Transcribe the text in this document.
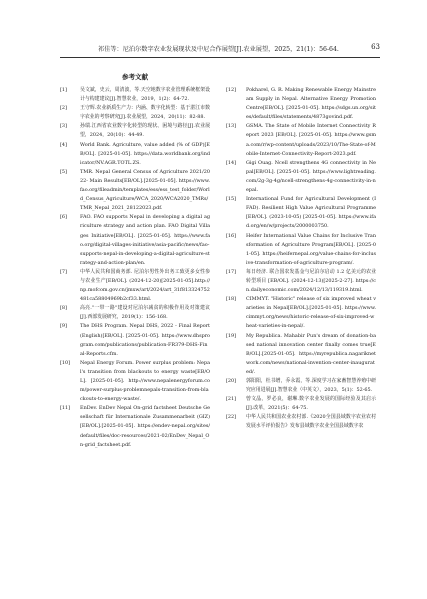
祁佳等：尼泊尔数字农业发展现状及中尼合作展望[J].农业展望，2025，21(1)：56-64.	63
参考文献
[1]	吴文斌，史云，周清波，等.天空地数字农业管理系统框架设计与构建建议[J].智慧农业，2019，1(2)：64-72.
[2]	王守辉.农业新质生产力：内涵、数字化转型：基于湛江市数字农业的考察研究[J].农业展望，2024，20(11)：82-88.
[3]	孙瑞.江西省农业数字化转型的现状、困境与路径[J].农业展望，2024，20(10)：44-49.
[4]	World Bank. Agriculture, value added (% of GDP)[EB/OL]. [2025-01-05]. https://data.worldbank.org/indicator/NV.AGR.TOTL.ZS.
[5]	TMR. Nepal General Census of Agriculture 2021/2022- Main Results[EB/OL].[2025-01-05]. https://www.fao.org/fileadmin/templates/ess/ess_test_folder/World_Census_Agriculture/WCA_2020/WCA2020_TMRs/TMR_Nepal_2021_28122023.pdf.
[6]	FAO. FAO supports Nepal in developing a digital agriculture strategy and action plan. FAO Digital Villages Initiative[EB/OL]. [2025-01-05]. https://www.fao.org/digital-villages-initiative/asia-pacific/news/fao-supports-nepal-in-developing-a-digital-agriculture-strategy-and-action-plan/en.
[7]	中华人民共和国商务部. 尼泊尔男性外出务工致更多女性参与农业生产[EB/OL]. (2024-12-20)[2025-01-05].http://np.mofcom.gov.cn/jmxw/art/2024/art_31f813324752481ca58804969b2cf33.html.
[8]	高亮."一带一路"建设对尼泊尔减贫的积极作用及对策建议[J].西部发展研究，2019(1)：156-168.
[9]	The DHS Program. Nepal DHS, 2022 - Final Report (English)[EB/OL]. [2025-01-05]. https://www.dhsprogram.com/publications/publication-FR379-DHS-Final-Reports.cfm.
[10] Nepal Energy Forum. Power surplus problem: Nepal's transition from blackouts to energy waste[EB/OL]. [2025-01-05]. http://www.nepalenergyforum.com/power-surplus-problemnepals-transition-from-blackouts-to-energy-waste/.
[11] EnDev. EnDev Nepal On-grid factsheet Deutsche Gesellschaft für Internationale Zusammenarbeit (GIZ)[EB/OL].[2025-01-05]. https://endev-nepal.org/sites/default/files/doc-resources/2021-02/EnDev_Nepal_On-grid_factsheet.pdf.
[12] Pokharel, G. R. Making Renewable Energy Mainstream Supply in Nepal. Alternative Energy Promotion Centre[EB/OL]. [2025-01-05]. https://sdgs.un.org/sites/default/files/statements/4873govind.pdf.
[13] GSMA. The State of Mobile Internet Connectivity Report 2023 [EB/OL]. [2025-01-05]. https://www.gsma.com/r/wp-content/uploads/2023/10/The-State-of-Mobile-Internet-Connectivity-Report-2023.pdf.
[14] Gigi Ouag. Ncell strengthens 4G connectivity in Nepal[EB/OL]. [2025-01-05]. https://www.lightreading.com/2g-3g-4g/ncell-strengthens-4g-connectivity-in-nepal.
[15] International Fund for Agricultural Development (IFAD). Resilient High Value Agricultural Programme[EB/OL]. (2023-10-05) [2025-01-05]. https://www.ifad.org/en/w/projects/2000003750.
[16] Heifer International Value Chains for Inclusive Transformation of Agriculture Program[EB/OL]. [2025-01-05]. https://heifernepal.org/value-chains-for-inclusive-transformation-of-agriculture-program/.
[17] 每日经济. 联合国农发基金与尼泊尔启动 1.2 亿美元的农业转型项目 [EB/OL]. (2024-12-13)[2025-2-27]. https://cn.dailyeconomic.com/2024/12/13/119319.html.
[18] CIMMYT. "Historic" release of six improved wheat varieties in Nepal[EB/OL].[2025-01-05]. https://www.cimmyt.org/news/historic-release-of-six-improved-wheat-varieties-in-nepal/.
[19] My Republica. Mahabir Pun's dream of donation-based national innovation center finally comes true[EB/OL].[2025-01-05]. https://myrepublica.nagariknet work.com/news/national-invention-center-inaugurated/.
[20] 郭阳阳，杜书增，乔永霞，等.深度学习在家畜智慧养殖中研究应用进展[J].智慧农业（中英文），2023，5(1)：52-65.
[21] 曾文晶，罗必良，谢琳.数字农业发展的国际经验及其启示[J].改革，2021(5)：64-75.
[22] 中华人民共和国农业农村部.《2020全国县域数字农业农村发展水平评价报告》发布县域数字农业全国县域数字农
